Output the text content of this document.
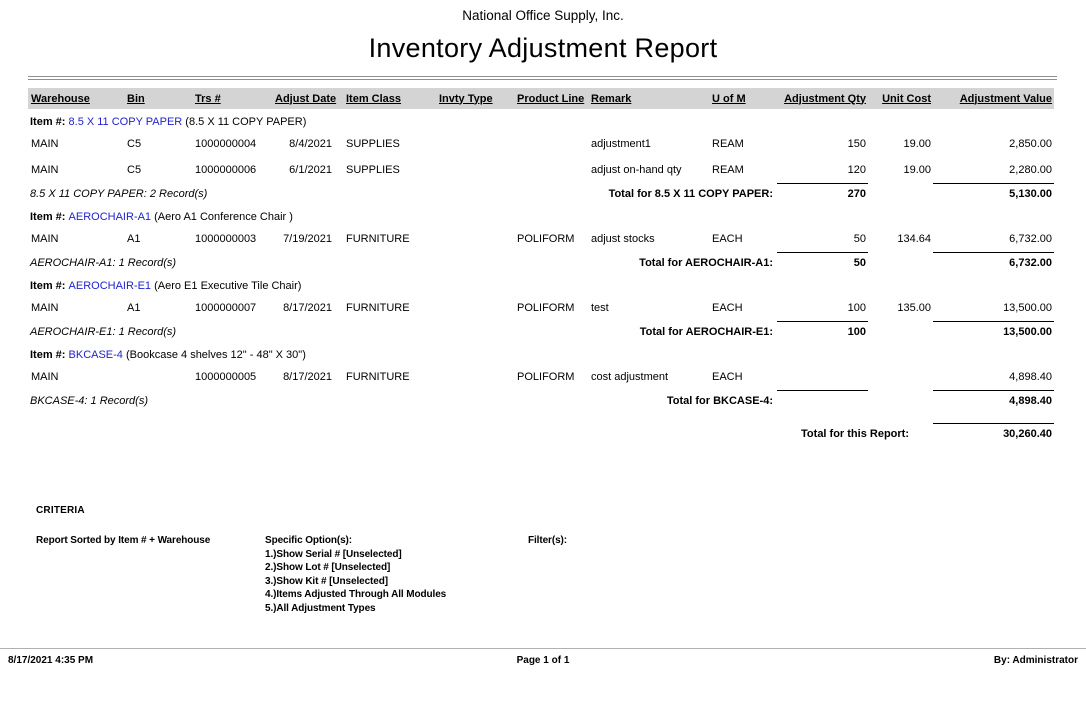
National Office Supply, Inc.
Inventory Adjustment Report
Warehouse	Bin	Trs #	Adjust Date	Item Class	Invty Type	Product Line	Remark	U of M	Adjustment Qty	Unit Cost	Adjustment Value
Item #: 8.5 X 11 COPY PAPER (8.5 X 11 COPY PAPER)											
MAIN	C5	1000000004	8/4/2021	SUPPLIES			adjustment1	REAM	150	19.00	2,850.00
MAIN	C5	1000000006	6/1/2021	SUPPLIES			adjust on-hand qty	REAM	120	19.00	2,280.00
8.5 X 11 COPY PAPER: 2 Record(s)				Total for 8.5 X 11 COPY PAPER:					270		5,130.00
Item #: AEROCHAIR-A1 (Aero A1 Conference Chair )											
MAIN	A1	1000000003	7/19/2021	FURNITURE		POLIFORM	adjust stocks	EACH	50	134.64	6,732.00
AEROCHAIR-A1: 1 Record(s)				Total for AEROCHAIR-A1:					50		6,732.00
Item #: AEROCHAIR-E1 (Aero E1 Executive Tile Chair)											
MAIN	A1	1000000007	8/17/2021	FURNITURE		POLIFORM	test	EACH	100	135.00	13,500.00
AEROCHAIR-E1: 1 Record(s)				Total for AEROCHAIR-E1:					100		13,500.00
Item #: BKCASE-4 (Bookcase 4 shelves 12" - 48" X 30")											
MAIN		1000000005	8/17/2021	FURNITURE		POLIFORM	cost adjustment	EACH			4,898.40
BKCASE-4: 1 Record(s)				Total for BKCASE-4:							4,898.40

Total for this Report:											30,260.40
CRITERIA
Report Sorted by Item # + Warehouse	Specific Option(s):
1.)Show Serial # [Unselected]
2.)Show Lot # [Unselected]
3.)Show Kit # [Unselected]
4.)Items Adjusted Through All Modules
5.)All Adjustment Types
Filter(s):
8/17/2021 4:35 PM	Page 1 of 1	By: Administrator
